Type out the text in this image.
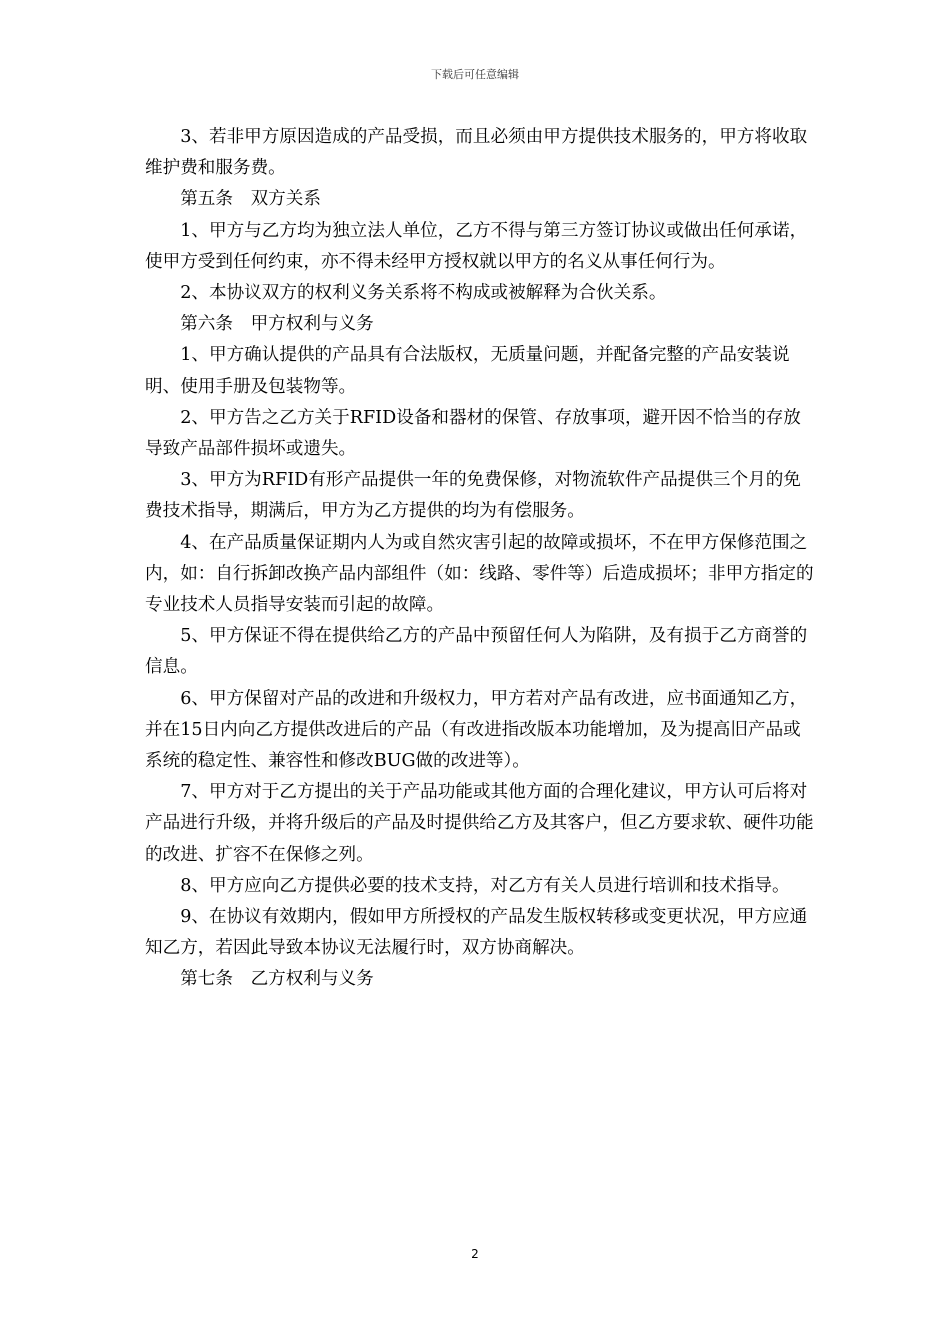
下载后可任意编辑

3、若非甲方原因造成的产品受损，而且必须由甲方提供技术服务的，甲方将收取维护费和服务费。

第五条　双方关系

1、甲方与乙方均为独立法人单位，乙方不得与第三方签订协议或做出任何承诺，使甲方受到任何约束，亦不得未经甲方授权就以甲方的名义从事任何行为。

2、本协议双方的权利义务关系将不构成或被解释为合伙关系。

第六条　甲方权利与义务

1、甲方确认提供的产品具有合法版权，无质量问题，并配备完整的产品安装说明、使用手册及包装物等。

2、甲方告之乙方关于RFID设备和器材的保管、存放事项，避开因不恰当的存放导致产品部件损坏或遗失。

3、甲方为RFID有形产品提供一年的免费保修，对物流软件产品提供三个月的免费技术指导，期满后，甲方为乙方提供的均为有偿服务。

4、在产品质量保证期内人为或自然灾害引起的故障或损坏，不在甲方保修范围之内，如：自行拆卸改换产品内部组件（如：线路、零件等）后造成损坏；非甲方指定的专业技术人员指导安装而引起的故障。

5、甲方保证不得在提供给乙方的产品中预留任何人为陷阱，及有损于乙方商誉的信息。

6、甲方保留对产品的改进和升级权力，甲方若对产品有改进，应书面通知乙方，并在15日内向乙方提供改进后的产品（有改进指改版本功能增加，及为提高旧产品或系统的稳定性、兼容性和修改BUG做的改进等）。

7、甲方对于乙方提出的关于产品功能或其他方面的合理化建议，甲方认可后将对产品进行升级，并将升级后的产品及时提供给乙方及其客户，但乙方要求软、硬件功能的改进、扩容不在保修之列。

8、甲方应向乙方提供必要的技术支持，对乙方有关人员进行培训和技术指导。

9、在协议有效期内，假如甲方所授权的产品发生版权转移或变更状况，甲方应通知乙方，若因此导致本协议无法履行时，双方协商解决。

第七条　乙方权利与义务

2
